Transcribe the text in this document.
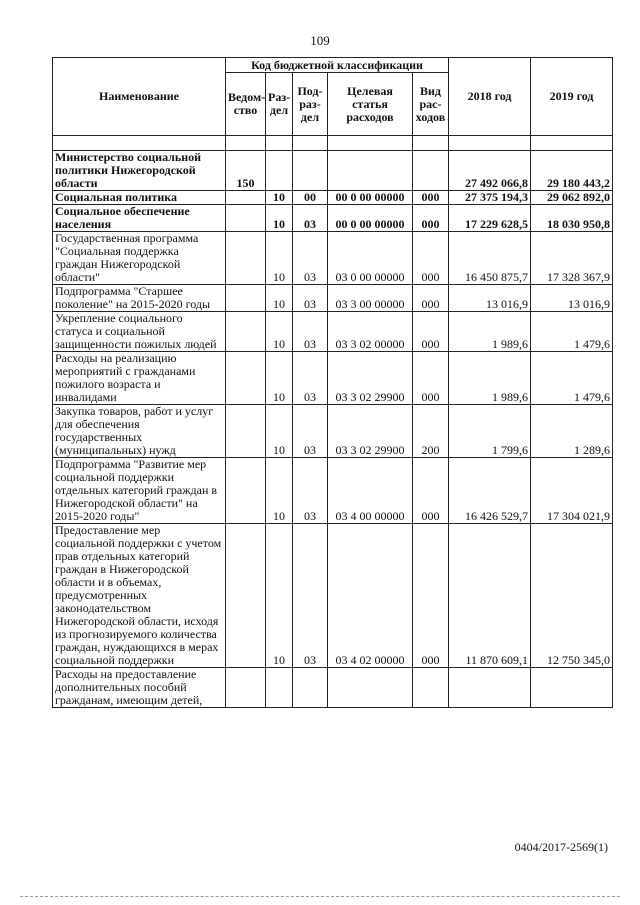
109
Наименование	Код бюджетной классификации					2018 год	2019 год
	Ведом-ство	Раз-дел	Под-раз-дел	Целевая статья расходов	Вид рас-ходов		

Министерство социальной политики Нижегородской области	150					27 492 066,8	29 180 443,2
Социальная политика		10	00	00 0 00 00000	000	27 375 194,3	29 062 892,0
Социальное обеспечение населения		10	03	00 0 00 00000	000	17 229 628,5	18 030 950,8
Государственная программа "Социальная поддержка граждан Нижегородской области"		10	03	03 0 00 00000	000	16 450 875,7	17 328 367,9
Подпрограмма "Старшее поколение" на 2015-2020 годы		10	03	03 3 00 00000	000	13 016,9	13 016,9
Укрепление социального статуса и социальной защищенности пожилых людей		10	03	03 3 02 00000	000	1 989,6	1 479,6
Расходы на реализацию мероприятий с гражданами пожилого возраста и инвалидами		10	03	03 3 02 29900	000	1 989,6	1 479,6
Закупка товаров, работ и услуг для обеспечения государственных (муниципальных) нужд		10	03	03 3 02 29900	200	1 799,6	1 289,6
Подпрограмма "Развитие мер социальной поддержки отдельных категорий граждан в Нижегородской области" на 2015-2020 годы"		10	03	03 4 00 00000	000	16 426 529,7	17 304 021,9
Предоставление мер социальной поддержки с учетом прав отдельных категорий граждан в Нижегородской области и в объемах, предусмотренных законодательством Нижегородской области, исходя из прогнозируемого количества граждан, нуждающихся в мерах социальной поддержки		10	03	03 4 02 00000	000	11 870 609,1	12 750 345,0
Расходы на предоставление дополнительных пособий гражданам, имеющим детей,							
0404/2017-2569(1)
